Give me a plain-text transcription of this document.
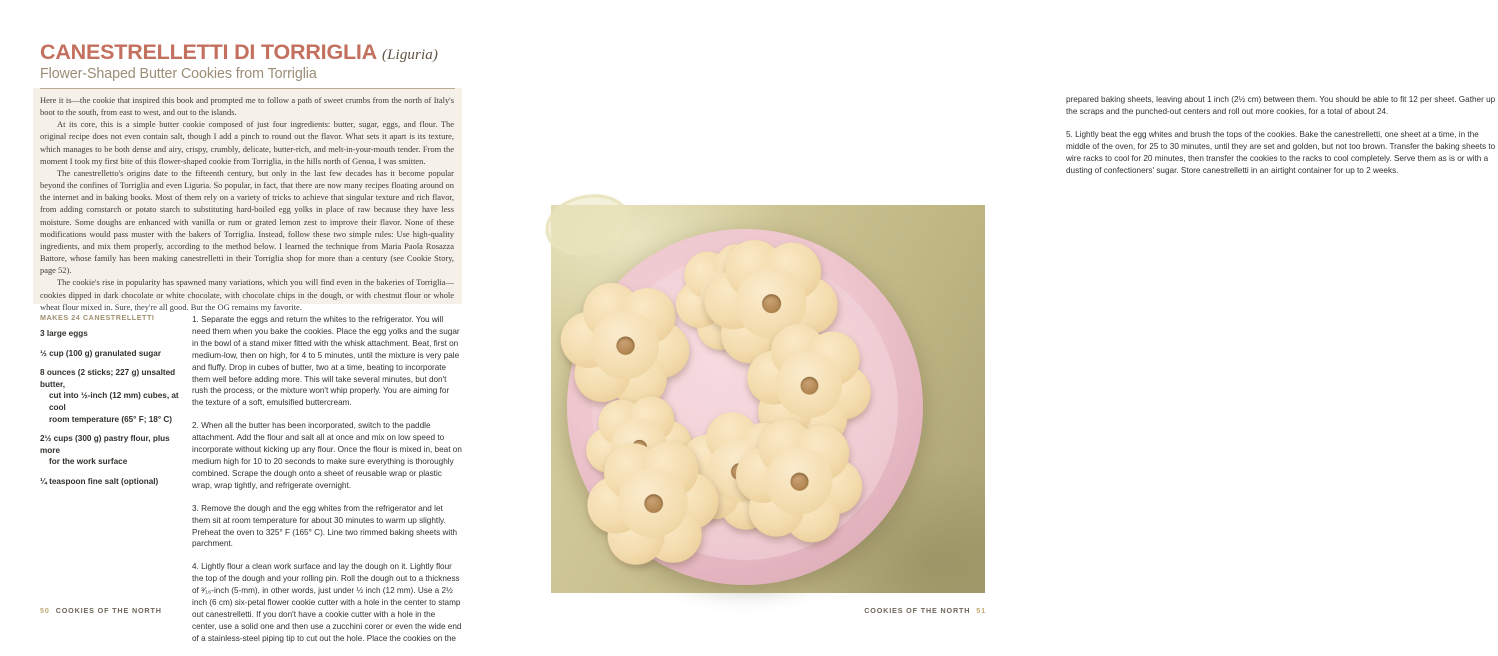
CANESTRELLETTI DI TORRIGLIA (Liguria)
Flower-Shaped Butter Cookies from Torriglia

Here it is—the cookie that inspired this book and prompted me to follow a path of sweet crumbs from the north of Italy's boot to the south, from east to west, and out to the islands.

At its core, this is a simple butter cookie composed of just four ingredients: butter, sugar, eggs, and flour. The original recipe does not even contain salt, though I add a pinch to round out the flavor. What sets it apart is its texture, which manages to be both dense and airy, crispy, crumbly, delicate, butter-rich, and melt-in-your-mouth tender. From the moment I took my first bite of this flower-shaped cookie from Torriglia, in the hills north of Genoa, I was smitten.

The canestrelletto's origins date to the fifteenth century, but only in the last few decades has it become popular beyond the confines of Torriglia and even Liguria. So popular, in fact, that there are now many recipes floating around on the internet and in baking books. Most of them rely on a variety of tricks to achieve that singular texture and rich flavor, from adding cornstarch or potato starch to substituting hard-boiled egg yolks in place of raw because they have less moisture. Some doughs are enhanced with vanilla or rum or grated lemon zest to improve their flavor. None of these modifications would pass muster with the bakers of Torriglia. Instead, follow these two simple rules: Use high-quality ingredients, and mix them properly, according to the method below. I learned the technique from Maria Paola Rosazza Battore, whose family has been making canestrelletti in their Torriglia shop for more than a century (see Cookie Story, page 52).

The cookie's rise in popularity has spawned many variations, which you will find even in the bakeries of Torriglia—cookies dipped in dark chocolate or white chocolate, with chocolate chips in the dough, or with chestnut flour or whole wheat flour mixed in. Sure, they're all good. But the OG remains my favorite.

MAKES 24 CANESTRELLETTI
3 large eggs
½ cup (100 g) granulated sugar
8 ounces (2 sticks; 227 g) unsalted butter,
cut into ½-inch (12 mm) cubes, at cool
room temperature (65° F; 18° C)
2½ cups (300 g) pastry flour, plus more
for the work surface
¼ teaspoon fine salt (optional)
1. Separate the eggs and return the whites to the refrigerator. You will need them when you bake the cookies. Place the egg yolks and the sugar in the bowl of a stand mixer fitted with the whisk attachment. Beat, first on medium-low, then on high, for 4 to 5 minutes, until the mixture is very pale and fluffy. Drop in cubes of butter, two at a time, beating to incorporate them well before adding more. This will take several minutes, but don't rush the process, or the mixture won't whip properly. You are aiming for the texture of a soft, emulsified buttercream.
2. When all the butter has been incorporated, switch to the paddle attachment. Add the flour and salt all at once and mix on low speed to incorporate without kicking up any flour. Once the flour is mixed in, beat on medium high for 10 to 20 seconds to make sure everything is thoroughly combined. Scrape the dough onto a sheet of reusable wrap or plastic wrap, wrap tightly, and refrigerate overnight.
3. Remove the dough and the egg whites from the refrigerator and let them sit at room temperature for about 30 minutes to warm up slightly. Preheat the oven to 325° F (165° C). Line two rimmed baking sheets with parchment.
4. Lightly flour a clean work surface and lay the dough on it. Lightly flour the top of the dough and your rolling pin. Roll the dough out to a thickness of ³⁄₁₆-inch (5-mm), in other words, just under ½ inch (12 mm). Use a 2½ inch (6 cm) six-petal flower cookie cutter with a hole in the center to stamp out canestrelletti. If you don't have a cookie cutter with a hole in the center, use a solid one and then use a zucchini corer or even the wide end of a stainless-steel piping tip to cut out the hole. Place the cookies on the
50 COOKIES OF THE NORTH
prepared baking sheets, leaving about 1 inch (2½ cm) between them. You should be able to fit 12 per sheet. Gather up the scraps and the punched-out centers and roll out more cookies, for a total of about 24.
5. Lightly beat the egg whites and brush the tops of the cookies. Bake the canestrelletti, one sheet at a time, in the middle of the oven, for 25 to 30 minutes, until they are set and golden, but not too brown. Transfer the baking sheets to wire racks to cool for 20 minutes, then transfer the cookies to the racks to cool completely. Serve them as is or with a dusting of confectioners' sugar. Store canestrelletti in an airtight container for up to 2 weeks.
COOKIES OF THE NORTH 51
